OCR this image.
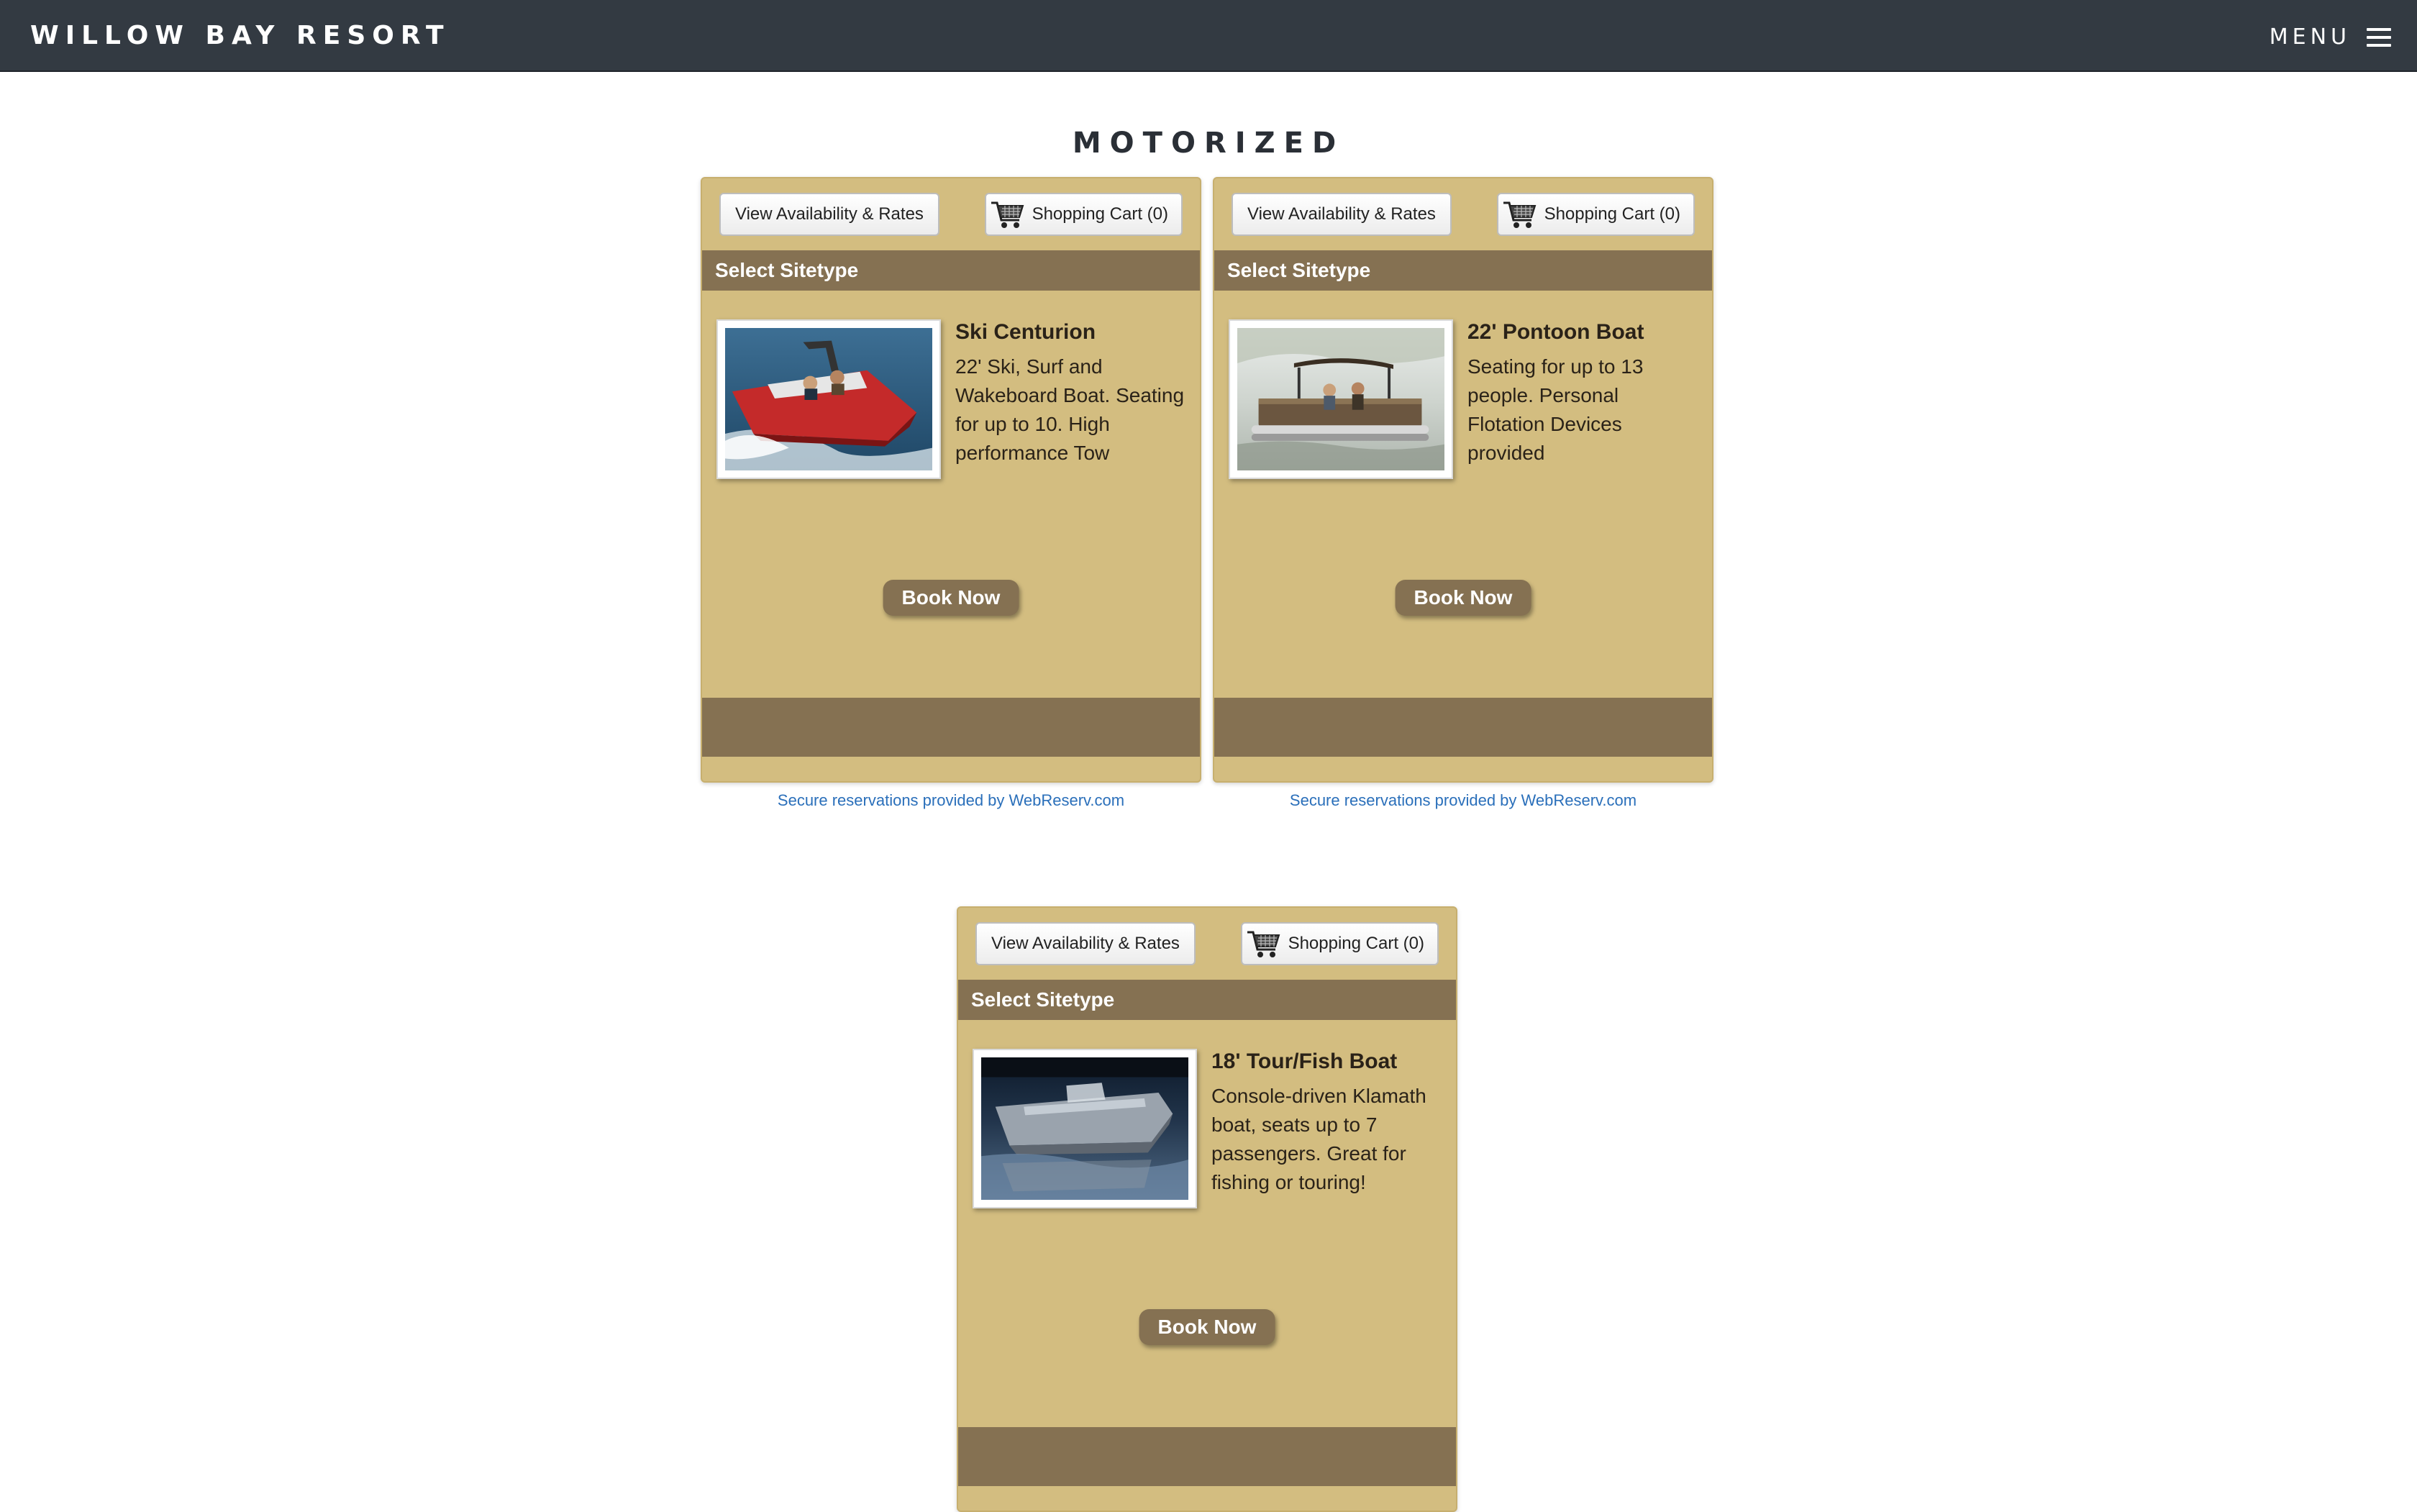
WILLOW BAY RESORT	MENU
MOTORIZED
View Availability & Rates	Shopping Cart (0)
Select Sitetype
Ski Centurion
22' Ski, Surf and Wakeboard Boat. Seating for up to 10. High performance Tow
Book Now
Secure reservations provided by WebReserv.com
View Availability & Rates	Shopping Cart (0)
Select Sitetype
22' Pontoon Boat
Seating for up to 13 people. Personal Flotation Devices provided
Book Now
Secure reservations provided by WebReserv.com
View Availability & Rates	Shopping Cart (0)
Select Sitetype
18' Tour/Fish Boat
Console-driven Klamath boat, seats up to 7 passengers. Great for fishing or touring!
Book Now
